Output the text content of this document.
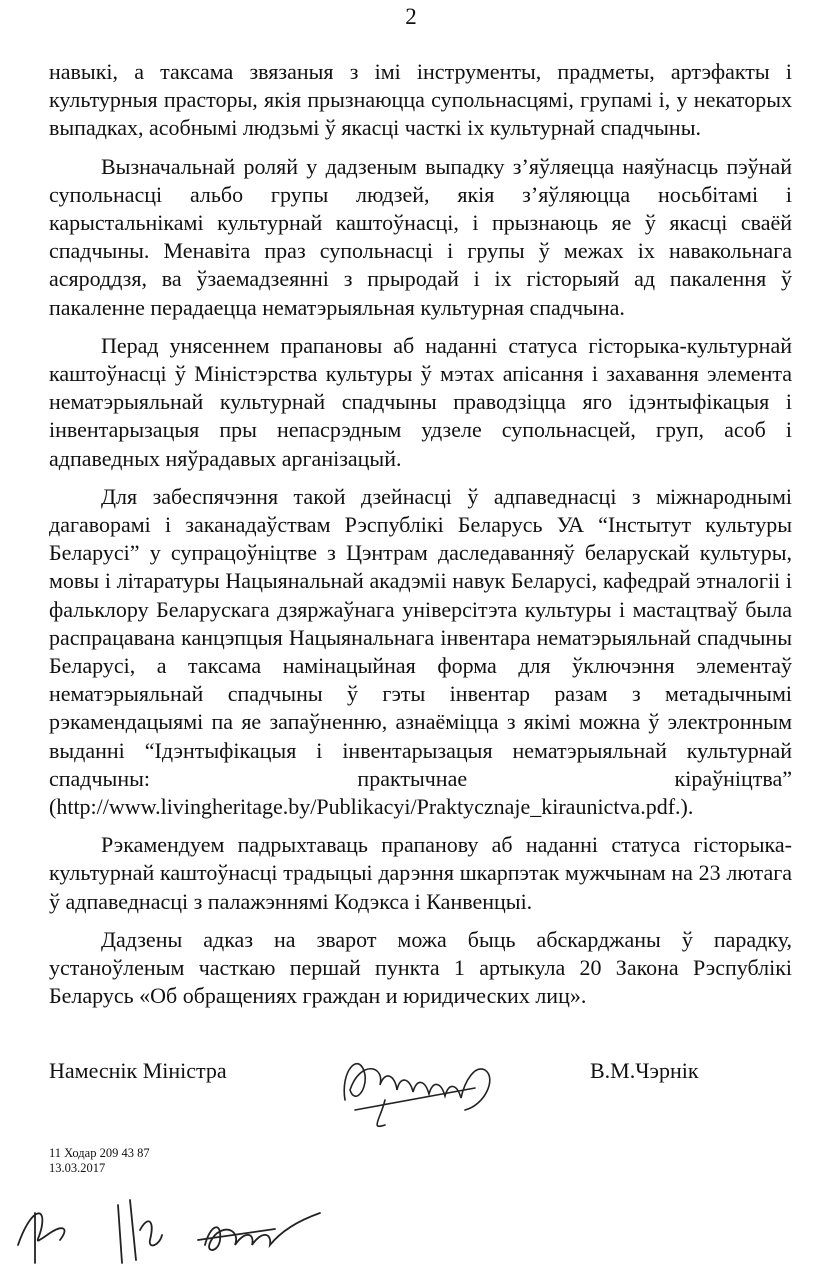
2

навыкі, а таксама звязаныя з імі інструменты, прадметы, артэфакты і культурныя прасторы, якія прызнаюцца супольнасцямі, групамі і, у некаторых выпадках, асобнымі людзьмі ў якасці часткі іх культурнай спадчыны.

Вызначальнай роляй у дадзеным выпадку з’яўляецца наяўнасць пэўнай супольнасці альбо групы людзей, якія з’яўляюцца носьбітамі і карыстальнікамі культурнай каштоўнасці, і прызнаюць яе ў якасці сваёй спадчыны. Менавіта праз супольнасці і групы ў межах іх навакольнага асяроддзя, ва ўзаемадзеянні з прыродай і іх гісторыяй ад пакалення ў пакаленне перадаецца нематэрыяльная культурная спадчына.

Перад унясеннем прапановы аб наданні статуса гісторыка-культурнай каштоўнасці ў Міністэрства культуры ў мэтах апісання і захавання элемента нематэрыяльнай культурнай спадчыны праводзіцца яго ідэнтыфікацыя і інвентарызацыя пры непасрэдным удзеле супольнасцей, груп, асоб і адпаведных няўрадавых арганізацый.

Для забеспячэння такой дзейнасці ў адпаведнасці з міжнароднымі дагаворамі і заканадаўствам Рэспублікі Беларусь УА “Інстытут культуры Беларусі” у супрацоўніцтве з Цэнтрам даследаванняў беларускай культуры, мовы і літаратуры Нацыянальнай акадэміі навук Беларусі, кафедрай этналогіі і фальклору Беларускага дзяржаўнага універсітэта культуры і мастацтваў была распрацавана канцэпцыя Нацыянальнага інвентара нематэрыяльнай спадчыны Беларусі, а таксама намінацыйная форма для ўключэння элементаў нематэрыяльнай спадчыны ў гэты інвентар разам з метадычнымі рэкамендацыямі па яе запаўненню, азнаёміцца з якімі можна ў электронным выданні “Ідэнтыфікацыя і інвентарызацыя нематэрыяльнай культурнай спадчыны: практычнае кіраўніцтва” (http://www.livingheritage.by/Publikacyi/Praktycznaje_kiraunictva.pdf.).

Рэкамендуем падрыхтаваць прапанову аб наданні статуса гісторыка-культурнай каштоўнасці традыцыі дарэння шкарпэтак мужчынам на 23 лютага ў адпаведнасці з палажэннямі Кодэкса і Канвенцыі.

Дадзены адказ на зварот можа быць абскарджаны ў парадку, устаноўленым часткаю першай пункта 1 артыкула 20 Закона Рэспублікі Беларусь «Об обращениях граждан и юридических лиц».

Намеснік Міністра	В.М.Чэрнік
11 Ходар 209 43 87
13.03.2017
